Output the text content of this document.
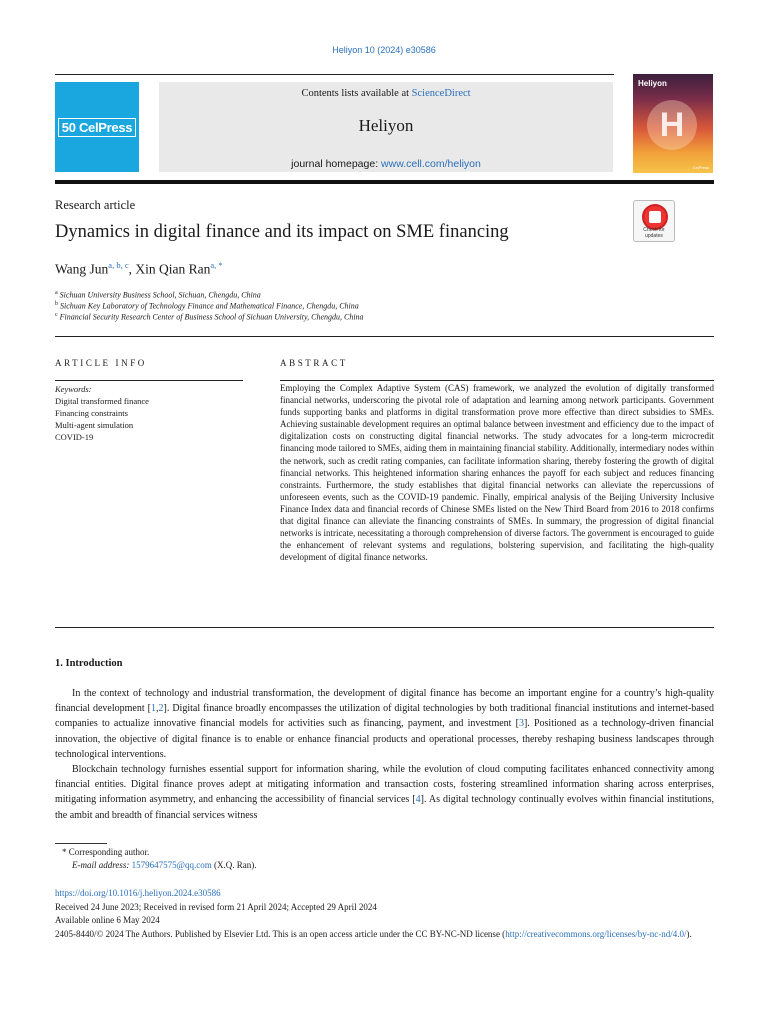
Heliyon 10 (2024) e30586
50 CelPress
Contents lists available at ScienceDirect
Heliyon
journal homepage: www.cell.com/heliyon
Heliyon
H
CelPress
Research article
Dynamics in digital finance and its impact on SME financing	Check for
updates
Wang Jun$^{a, b, c}$, Xin Qian Ran$^{a, *}$
$^a$ Sichuan University Business School, Sichuan, Chengdu, China
$^b$ Sichuan Key Laboratory of Technology Finance and Mathematical Finance, Chengdu, China
$^c$ Financial Security Research Center of Business School of Sichuan University, Chengdu, China
ARTICLE INFO	ABSTRACT
Keywords:
Digital transformed finance
Financing constraints
Multi-agent simulation
COVID-19
Employing the Complex Adaptive System (CAS) framework, we analyzed the evolution of digitally transformed financial networks, underscoring the pivotal role of adaptation and learning among network participants. Government funds supporting banks and platforms in digital transformation prove more effective than direct subsidies to SMEs. Achieving sustainable development requires an optimal balance between investment and efficiency due to the impact of digitalization costs on constructing digital financial networks. The study advocates for a long-term microcredit financing mode tailored to SMEs, aiding them in maintaining financial stability. Additionally, intermediary nodes within the network, such as credit rating companies, can facilitate information sharing, thereby fostering the growth of digital financial networks. This heightened information sharing enhances the payoff for each subject and reduces financing constraints. Furthermore, the study establishes that digital financial networks can alleviate the repercussions of unforeseen events, such as the COVID-19 pandemic. Finally, empirical analysis of the Beijing University Inclusive Finance Index data and financial records of Chinese SMEs listed on the New Third Board from 2016 to 2018 confirms that digital finance can alleviate the financing constraints of SMEs. In summary, the progression of digital financial networks is intricate, necessitating a thorough comprehension of diverse factors. The government is encouraged to guide the enhancement of relevant systems and regulations, bolstering supervision, and facilitating the high-quality development of digital finance networks.
1. Introduction

In the context of technology and industrial transformation, the development of digital finance has become an important engine for a country’s high-quality financial development [1,2]. Digital finance broadly encompasses the utilization of digital technologies by both traditional financial institutions and internet-based companies to actualize innovative financial models for activities such as financing, payment, and investment [3]. Positioned as a technology-driven financial innovation, the objective of digital finance is to enable or enhance financial products and operational processes, thereby reshaping business landscapes through technological interventions.

Blockchain technology furnishes essential support for information sharing, while the evolution of cloud computing facilitates enhanced connectivity among financial entities. Digital finance proves adept at mitigating information and transaction costs, fostering streamlined information sharing across enterprises, mitigating information asymmetry, and enhancing the accessibility of financial services [4]. As digital technology continually evolves within financial institutions, the ambit and breadth of financial services witness

* Corresponding author.
E-mail address: 1579647575@qq.com (X.Q. Ran).
https://doi.org/10.1016/j.heliyon.2024.e30586
Received 24 June 2023; Received in revised form 21 April 2024; Accepted 29 April 2024
Available online 6 May 2024
2405-8440/© 2024 The Authors. Published by Elsevier Ltd. This is an open access article under the CC BY-NC-ND license (http://creativecommons.org/licenses/by-nc-nd/4.0/).
